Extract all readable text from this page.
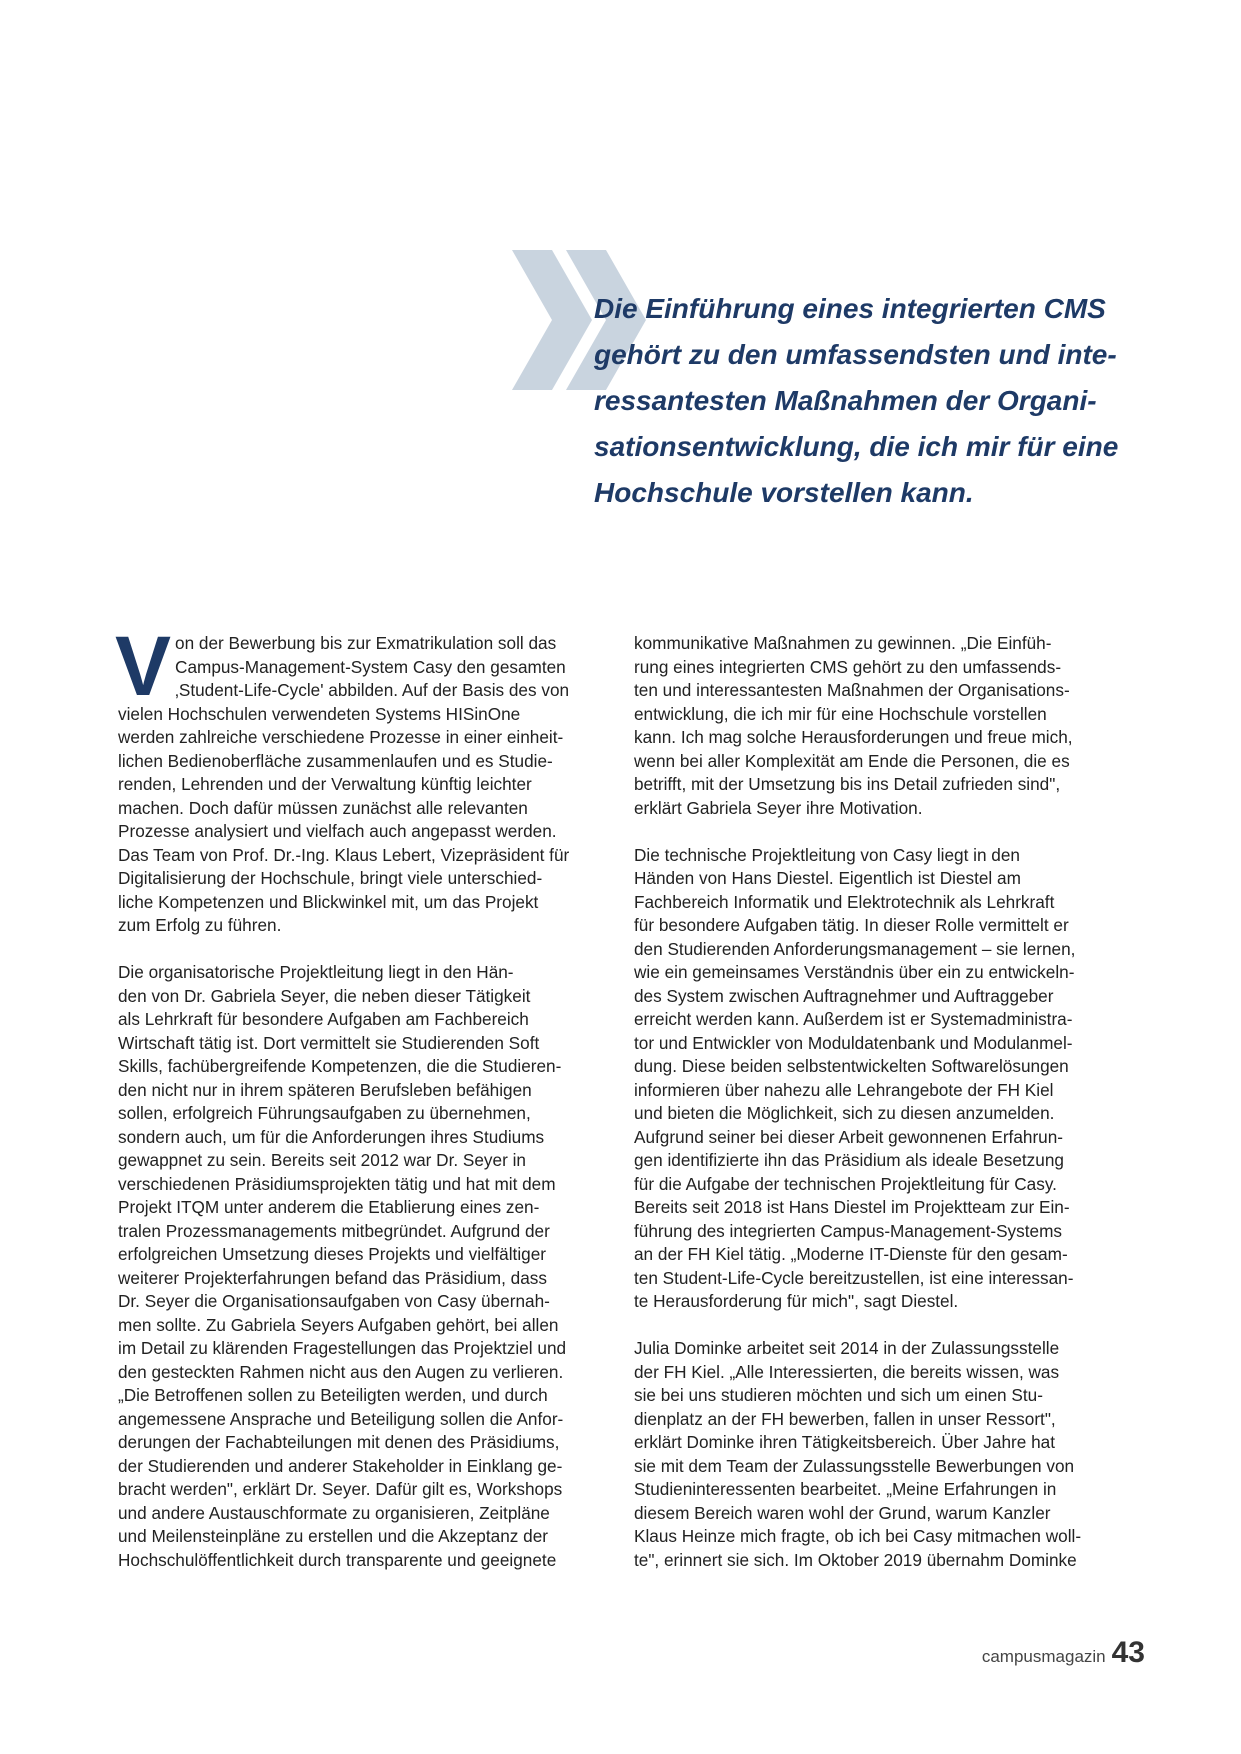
Die Einführung eines integrierten CMS
gehört zu den umfassendsten und inte-
ressantesten Maßnahmen der Organi-
sationsentwicklung, die ich mir für eine
Hochschule vorstellen kann.

Von der Bewerbung bis zur Exmatrikulation soll das
Campus-Management-System Casy den gesamten
‚Student-Life-Cycle' abbilden. Auf der Basis des von
vielen Hochschulen verwendeten Systems HISinOne
werden zahlreiche verschiedene Prozesse in einer einheit-
lichen Bedienoberfläche zusammenlaufen und es Studie-
renden, Lehrenden und der Verwaltung künftig leichter
machen. Doch dafür müssen zunächst alle relevanten
Prozesse analysiert und vielfach auch angepasst werden.
Das Team von Prof. Dr.-Ing. Klaus Lebert, Vizepräsident für
Digitalisierung der Hochschule, bringt viele unterschied-
liche Kompetenzen und Blickwinkel mit, um das Projekt
zum Erfolg zu führen.

Die organisatorische Projektleitung liegt in den Hän-
den von Dr. Gabriela Seyer, die neben dieser Tätigkeit
als Lehrkraft für besondere Aufgaben am Fachbereich
Wirtschaft tätig ist. Dort vermittelt sie Studierenden Soft
Skills, fachübergreifende Kompetenzen, die die Studieren-
den nicht nur in ihrem späteren Berufsleben befähigen
sollen, erfolgreich Führungsaufgaben zu übernehmen,
sondern auch, um für die Anforderungen ihres Studiums
gewappnet zu sein. Bereits seit 2012 war Dr. Seyer in
verschiedenen Präsidiumsprojekten tätig und hat mit dem
Projekt ITQM unter anderem die Etablierung eines zen-
tralen Prozessmanagements mitbegründet. Aufgrund der
erfolgreichen Umsetzung dieses Projekts und vielfältiger
weiterer Projekterfahrungen befand das Präsidium, dass
Dr. Seyer die Organisationsaufgaben von Casy übernah-
men sollte. Zu Gabriela Seyers Aufgaben gehört, bei allen
im Detail zu klärenden Fragestellungen das Projektziel und
den gesteckten Rahmen nicht aus den Augen zu verlieren.
„Die Betroffenen sollen zu Beteiligten werden, und durch
angemessene Ansprache und Beteiligung sollen die Anfor-
derungen der Fachabteilungen mit denen des Präsidiums,
der Studierenden und anderer Stakeholder in Einklang ge-
bracht werden", erklärt Dr. Seyer. Dafür gilt es, Workshops
und andere Austauschformate zu organisieren, Zeitpläne
und Meilensteinpläne zu erstellen und die Akzeptanz der
Hochschulöffentlichkeit durch transparente und geeignete

kommunikative Maßnahmen zu gewinnen. „Die Einfüh-
rung eines integrierten CMS gehört zu den umfassends-
ten und interessantesten Maßnahmen der Organisations-
entwicklung, die ich mir für eine Hochschule vorstellen
kann. Ich mag solche Herausforderungen und freue mich,
wenn bei aller Komplexität am Ende die Personen, die es
betrifft, mit der Umsetzung bis ins Detail zufrieden sind",
erklärt Gabriela Seyer ihre Motivation.

Die technische Projektleitung von Casy liegt in den
Händen von Hans Diestel. Eigentlich ist Diestel am
Fachbereich Informatik und Elektrotechnik als Lehrkraft
für besondere Aufgaben tätig. In dieser Rolle vermittelt er
den Studierenden Anforderungsmanagement – sie lernen,
wie ein gemeinsames Verständnis über ein zu entwickeln-
des System zwischen Auftragnehmer und Auftraggeber
erreicht werden kann. Außerdem ist er Systemadministra-
tor und Entwickler von Moduldatenbank und Modulanmel-
dung. Diese beiden selbstentwickelten Softwarelösungen
informieren über nahezu alle Lehrangebote der FH Kiel
und bieten die Möglichkeit, sich zu diesen anzumelden.
Aufgrund seiner bei dieser Arbeit gewonnenen Erfahrun-
gen identifizierte ihn das Präsidium als ideale Besetzung
für die Aufgabe der technischen Projektleitung für Casy.
Bereits seit 2018 ist Hans Diestel im Projektteam zur Ein-
führung des integrierten Campus-Management-Systems
an der FH Kiel tätig. „Moderne IT-Dienste für den gesam-
ten Student-Life-Cycle bereitzustellen, ist eine interessan-
te Herausforderung für mich", sagt Diestel.

Julia Dominke arbeitet seit 2014 in der Zulassungsstelle
der FH Kiel. „Alle Interessierten, die bereits wissen, was
sie bei uns studieren möchten und sich um einen Stu-
dienplatz an der FH bewerben, fallen in unser Ressort",
erklärt Dominke ihren Tätigkeitsbereich. Über Jahre hat
sie mit dem Team der Zulassungsstelle Bewerbungen von
Studieninteressenten bearbeitet. „Meine Erfahrungen in
diesem Bereich waren wohl der Grund, warum Kanzler
Klaus Heinze mich fragte, ob ich bei Casy mitmachen woll-
te", erinnert sie sich. Im Oktober 2019 übernahm Dominke

campusmagazin 43
